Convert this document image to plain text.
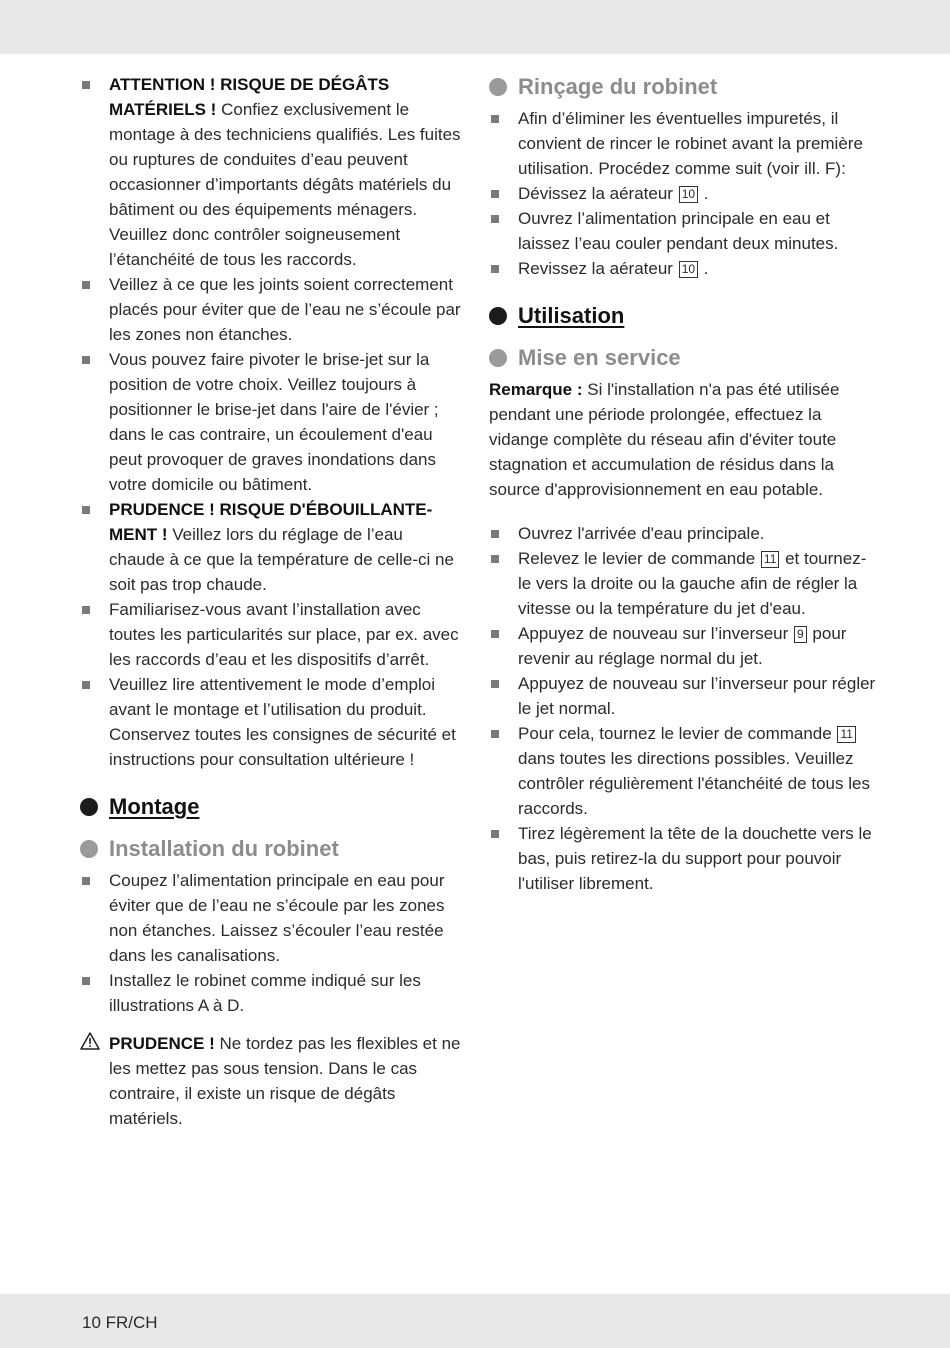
ATTENTION ! RISQUE DE DÉGÂTS MATÉRIELS ! Confiez exclusivement le montage à des techniciens qualifiés. Les fuites ou ruptures de conduites d’eau peuvent occasionner d’importants dégâts matériels du bâtiment ou des équipements ménagers. Veuillez donc contrôler soigneusement l’étanchéité de tous les raccords.
Veillez à ce que les joints soient correctement placés pour éviter que de l’eau ne s’écoule par les zones non étanches.
Vous pouvez faire pivoter le brise-jet sur la position de votre choix. Veillez toujours à positionner le brise-jet dans l'aire de l'évier ; dans le cas contraire, un écoulement d'eau peut provoquer de graves inondations dans votre domicile ou bâtiment.
PRUDENCE ! RISQUE D'ÉBOUILLANTE-MENT ! Veillez lors du réglage de l’eau chaude à ce que la température de celle-ci ne soit pas trop chaude.
Familiarisez-vous avant l’installation avec toutes les particularités sur place, par ex. avec les raccords d’eau et les dispositifs d’arrêt.
Veuillez lire attentivement le mode d’emploi avant le montage et l’utilisation du produit. Conservez toutes les consignes de sécurité et instructions pour consultation ultérieure !
Montage
Installation du robinet
Coupez l’alimentation principale en eau pour éviter que de l’eau ne s’écoule par les zones non étanches. Laissez s’écouler l’eau restée dans les canalisations.
Installez le robinet comme indiqué sur les illustrations A à D.
PRUDENCE ! Ne tordez pas les flexibles et ne les mettez pas sous tension. Dans le cas contraire, il existe un risque de dégâts matériels.
Rinçage du robinet
Afin d’éliminer les éventuelles impuretés, il convient de rincer le robinet avant la première utilisation. Procédez comme suit (voir ill. F):
Dévissez la aérateur 10 .
Ouvrez l’alimentation principale en eau et laissez l’eau couler pendant deux minutes.
Revissez la aérateur 10 .
Utilisation
Mise en service
Remarque : Si l'installation n'a pas été utilisée pendant une période prolongée, effectuez la vidange complète du réseau afin d'éviter toute stagnation et accumulation de résidus dans la source d'approvisionnement en eau potable.
Ouvrez l'arrivée d'eau principale.
Relevez le levier de commande 11 et tournez-le vers la droite ou la gauche afin de régler la vitesse ou la température du jet d'eau.
Appuyez de nouveau sur l’inverseur 9 pour revenir au réglage normal du jet.
Appuyez de nouveau sur l’inverseur pour régler le jet normal.
Pour cela, tournez le levier de commande 11 dans toutes les directions possibles. Veuillez contrôler régulièrement l'étanchéité de tous les raccords.
Tirez légèrement la tête de la douchette vers le bas, puis retirez-la du support pour pouvoir l'utiliser librement.
10 FR/CH
